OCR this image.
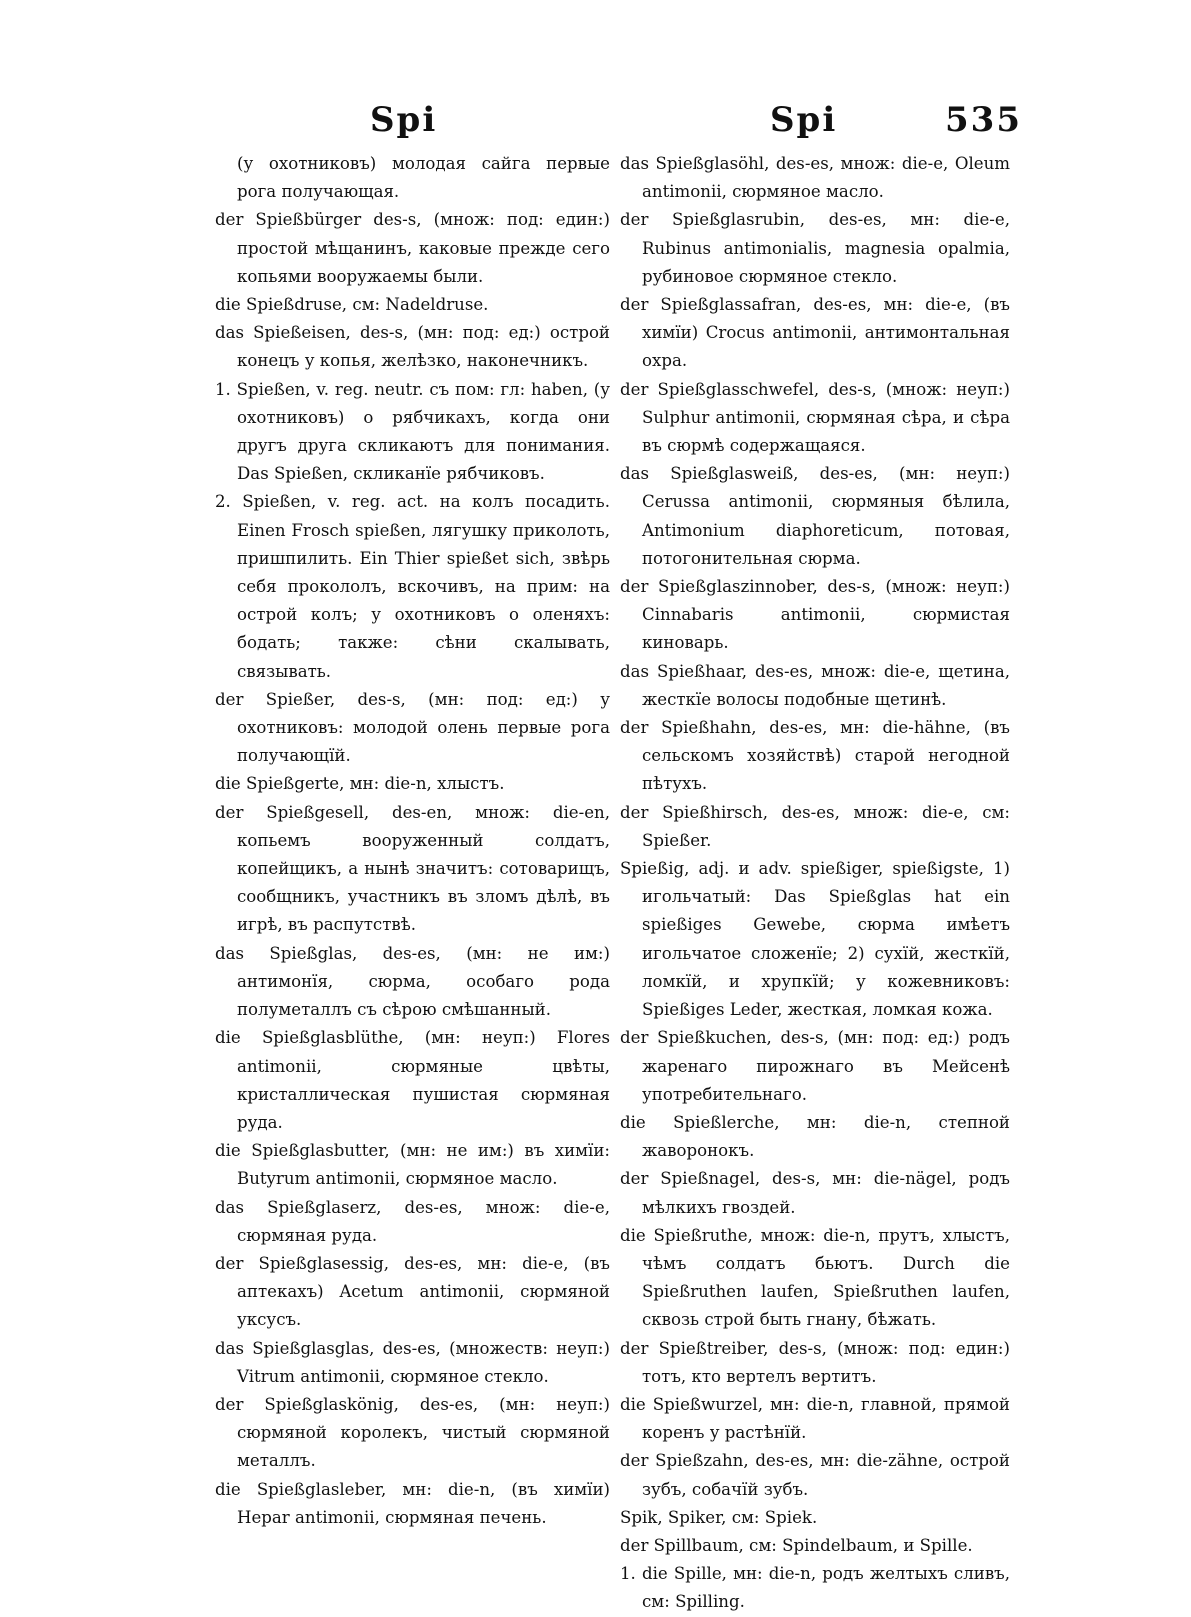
Spi	Spi	535

(у охотниковъ) молодая сайга первые рога получающая.

der Spießbürger des-s, (множ: под: един:) простой мѣщанинъ, каковые прежде сего копьями вооружаемы были.

die Spießdruse, см: Nadeldruse.

das Spießeisen, des-s, (мн: под: ед:) острой конецъ у копья, желѣзко, наконечникъ.

1. Spießen, v. reg. neutr. съ пом: гл: haben, (у охотниковъ) о рябчикахъ, когда они другъ друга скликаютъ для понимания. Das Spießen, скликанïе рябчиковъ.

2. Spießen, v. reg. act. на колъ посадить. Einen Frosch spießen, лягушку приколоть, пришпилить. Ein Thier spießet sich, звѣрь себя прокололъ, вскочивъ, на прим: на острой колъ; у охотниковъ о оленяхъ: бодать; также: сѣни скалывать, связывать.

der Spießer, des-s, (мн: под: ед:) у охотниковъ: молодой олень первые рога получающïй.

die Spießgerte, мн: die-n, хлыстъ.

der Spießgesell, des-en, множ: die-en, копьемъ вооруженный солдатъ, копейщикъ, а нынѣ значитъ: сотоварищъ, сообщникъ, участникъ въ зломъ дѣлѣ, въ игрѣ, въ распутствѣ.

das Spießglas, des-es, (мн: не им:) антимонïя, сюрма, особаго рода полуметаллъ съ сѣрою смѣшанный.

die Spießglasblüthe, (мн: неуп:) Flores antimonii, сюрмяные цвѣты, кристаллическая пушистая сюрмяная руда.

die Spießglasbutter, (мн: не им:) въ химïи: Butyrum antimonii, сюрмяное масло.

das Spießglaserz, des-es, множ: die-e, сюрмяная руда.

der Spießglasessig, des-es, мн: die-e, (въ аптекахъ) Acetum antimonii, сюрмяной уксусъ.

das Spießglasglas, des-es, (множеств: неуп:) Vitrum antimonii, сюрмяное стекло.

der Spießglaskönig, des-es, (мн: неуп:) сюрмяной королекъ, чистый сюрмяной металлъ.

die Spießglasleber, мн: die-n, (въ химïи) Hepar antimonii, сюрмяная печень.

das Spießglasöhl, des-es, множ: die-e, Oleum antimonii, сюрмяное масло.

der Spießglasrubin, des-es, мн: die-e, Rubinus antimonialis, magnesia opalmia, рубиновое сюрмяное стекло.

der Spießglassafran, des-es, мн: die-e, (въ химïи) Crocus antimonii, антимонтальная охра.

der Spießglasschwefel, des-s, (множ: неуп:) Sulphur antimonii, сюрмяная сѣра, и сѣра въ сюрмѣ содержащаяся.

das Spießglasweiß, des-es, (мн: неуп:) Cerussa antimonii, сюрмяныя бѣлила, Antimonium diaphoreticum, потовая, потогонительная сюрма.

der Spießglaszinnober, des-s, (множ: неуп:) Cinnabaris antimonii, сюрмистая киноварь.

das Spießhaar, des-es, множ: die-e, щетина, жесткïе волосы подобные щетинѣ.

der Spießhahn, des-es, мн: die-hähne, (въ сельскомъ хозяйствѣ) старой негодной пѣтухъ.

der Spießhirsch, des-es, множ: die-e, см: Spießer.

Spießig, adj. и adv. spießiger, spießigste, 1) игольчатый: Das Spießglas hat ein spießiges Gewebe, сюрма имѣетъ игольчатое сложенïе; 2) сухïй, жесткïй, ломкïй, и хрупкïй; у кожевниковъ: Spießiges Leder, жесткая, ломкая кожа.

der Spießkuchen, des-s, (мн: под: ед:) родъ жаренаго пирожнаго въ Мейсенѣ употребительнаго.

die Spießlerche, мн: die-n, степной жаворонокъ.

der Spießnagel, des-s, мн: die-nägel, родъ мѣлкихъ гвоздей.

die Spießruthe, множ: die-n, прутъ, хлыстъ, чѣмъ солдатъ бьютъ. Durch die Spießruthen laufen, Spießruthen laufen, сквозь строй быть гнану, бѣжать.

der Spießtreiber, des-s, (множ: под: един:) тотъ, кто вертелъ вертитъ.

die Spießwurzel, мн: die-n, главной, прямой коренъ у растѣнïй.

der Spießzahn, des-es, мн: die-zähne, острой зубъ, собачïй зубъ.

Spik, Spiker, см: Spiek.

der Spillbaum, см: Spindelbaum, и Spille.

1. die Spille, мн: die-n, родъ желтыхъ сливъ, см: Spilling.
